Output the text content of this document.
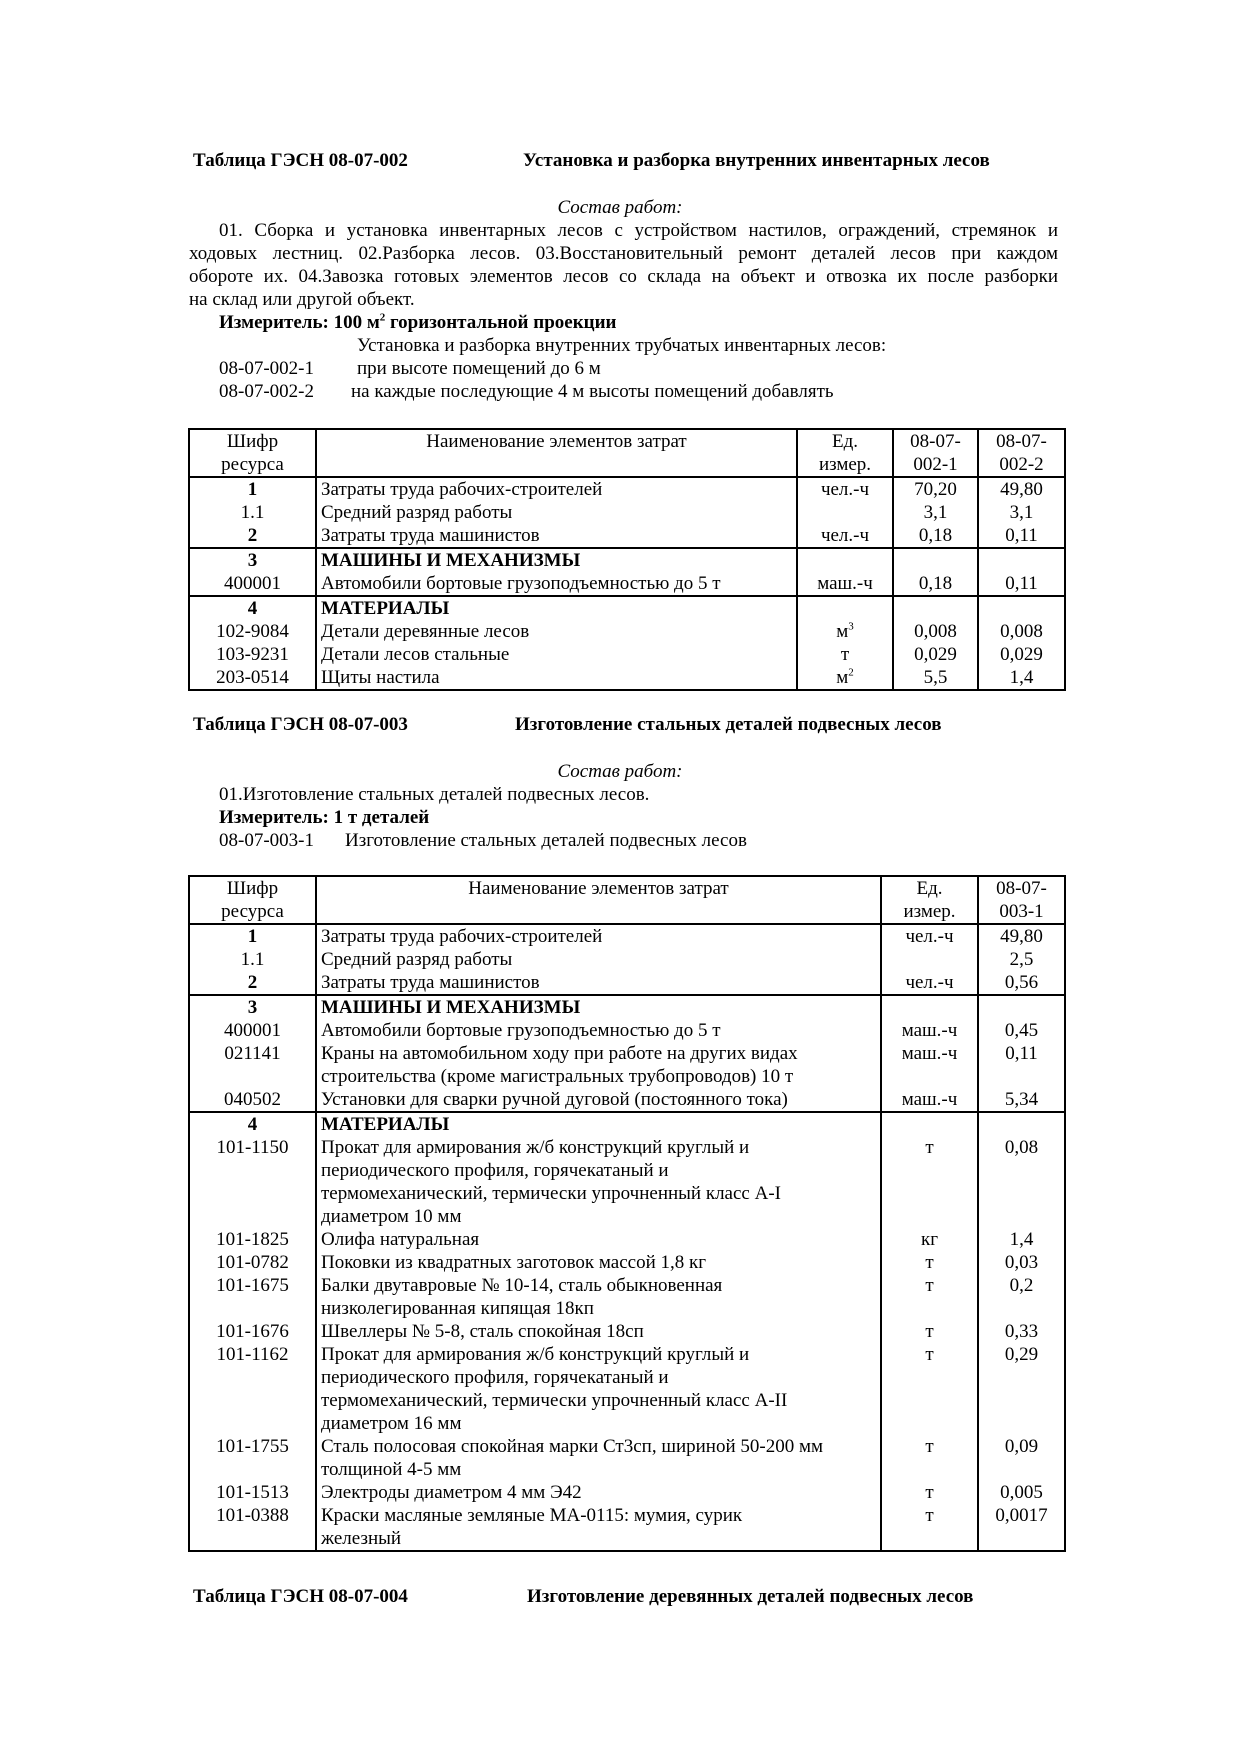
Таблица ГЭСН 08-07-002	Установка и разборка внутренних инвентарных лесов
Состав работ:
01. Сборка и установка инвентарных лесов с устройством настилов, ограждений, стремянок и
ходовых лестниц. 02.Разборка лесов. 03.Восстановительный ремонт деталей лесов при каждом
обороте их. 04.Завозка готовых элементов лесов со склада на объект и отвозка их после разборки
на склад или другой объект.
Измеритель: 100 $м^2$ горизонтальной проекции
Установка и разборка внутренних трубчатых инвентарных лесов:
08-07-002-1 при высоте помещений до 6 м
08-07-002-2 на каждые последующие 4 м высоты помещений добавлять
Шифр
ресурса	Наименование элементов затрат	Ед.
измер.	08-07-
002-1	08-07-
002-2
1	Затраты труда рабочих-строителей	чел.-ч	70,20	49,80
1.1	Средний разряд работы		3,1	3,1
2	Затраты труда машинистов	чел.-ч	0,18	0,11
3	МАШИНЫ И МЕХАНИЗМЫ			
400001	Автомобили бортовые грузоподъемностью до 5 т	маш.-ч	0,18	0,11
4	МАТЕРИАЛЫ			
102-9084	Детали деревянные лесов	$м^3$	0,008	0,008
103-9231	Детали лесов стальные	т	0,029	0,029
203-0514	Щиты настила	$м^2$	5,5	1,4
Таблица ГЭСН 08-07-003	Изготовление стальных деталей подвесных лесов
Состав работ:
01.Изготовление стальных деталей подвесных лесов.
Измеритель: 1 т деталей
08-07-003-1 Изготовление стальных деталей подвесных лесов
Шифр
ресурса	Наименование элементов затрат	Ед.
измер.	08-07-
003-1
1	Затраты труда рабочих-строителей	чел.-ч	49,80
1.1	Средний разряд работы		2,5
2	Затраты труда машинистов	чел.-ч	0,56
3	МАШИНЫ И МЕХАНИЗМЫ		
400001	Автомобили бортовые грузоподъемностью до 5 т	маш.-ч	0,45
021141	Краны на автомобильном ходу при работе на других видах
строительства (кроме магистральных трубопроводов) 10 т	маш.-ч	0,11
040502	Установки для сварки ручной дуговой (постоянного тока)	маш.-ч	5,34
4	МАТЕРИАЛЫ		
101-1150	Прокат для армирования ж/б конструкций круглый и
периодического профиля, горячекатаный и
термомеханический, термически упрочненный класс А-I
диаметром 10 мм	т	0,08
101-1825	Олифа натуральная	кг	1,4
101-0782	Поковки из квадратных заготовок массой 1,8 кг	т	0,03
101-1675	Балки двутавровые № 10-14, сталь обыкновенная
низколегированная кипящая 18кп	т	0,2
101-1676	Швеллеры № 5-8, сталь спокойная 18сп	т	0,33
101-1162	Прокат для армирования ж/б конструкций круглый и
периодического профиля, горячекатаный и
термомеханический, термически упрочненный класс А-II
диаметром 16 мм	т	0,29
101-1755	Сталь полосовая спокойная марки Ст3сп, шириной 50-200 мм
толщиной 4-5 мм	т	0,09
101-1513	Электроды диаметром 4 мм Э42	т	0,005
101-0388	Краски масляные земляные МА-0115: мумия, сурик
железный	т	0,0017
Таблица ГЭСН 08-07-004	Изготовление деревянных деталей подвесных лесов
